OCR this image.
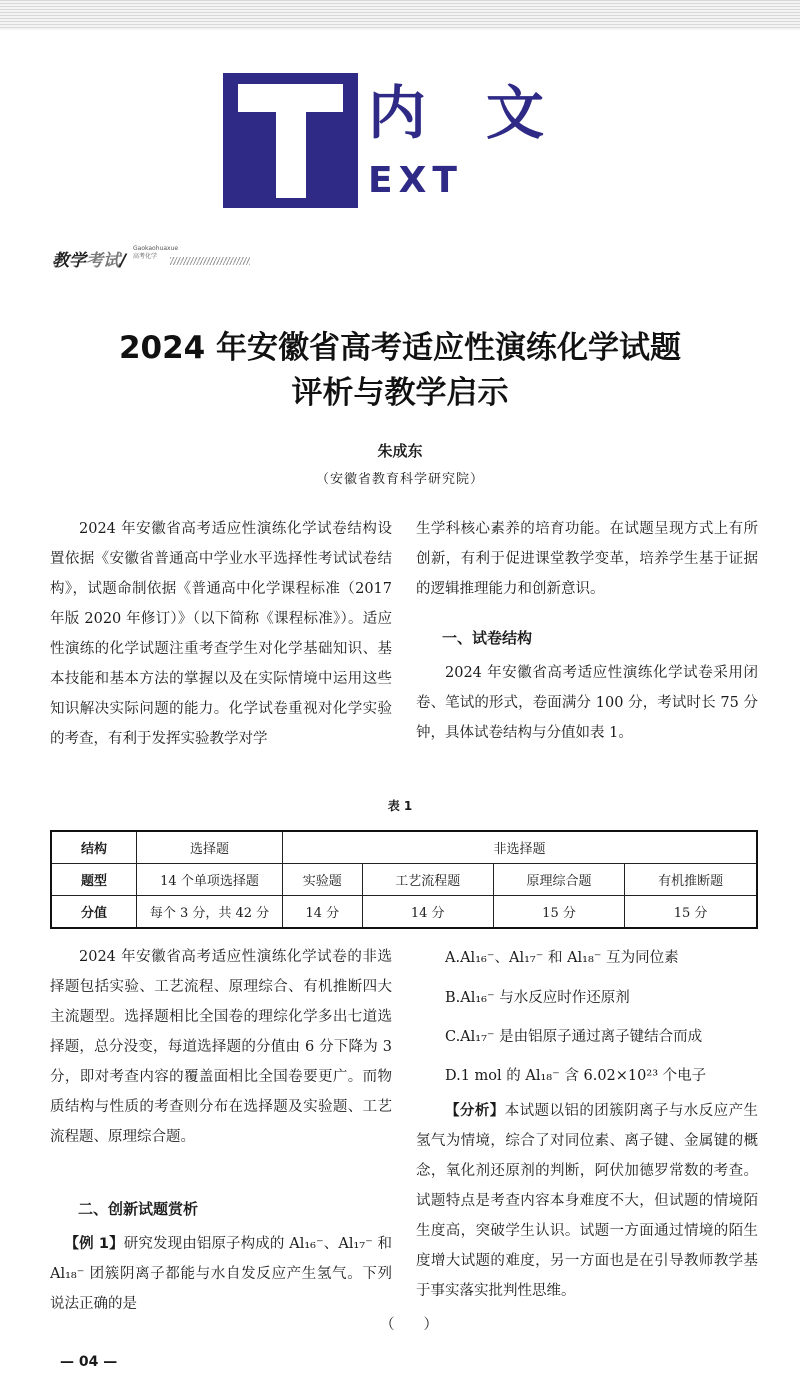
内 文
EXT
教学考试/
Gaokaohuaxue
高考化学
2024 年安徽省高考适应性演练化学试题
评析与教学启示
朱成东
（安徽省教育科学研究院）

2024 年安徽省高考适应性演练化学试卷结构设置依据《安徽省普通高中学业水平选择性考试试卷结构》，试题命制依据《普通高中化学课程标准（2017 年版 2020 年修订）》（以下简称《课程标准》）。适应性演练的化学试题注重考查学生对化学基础知识、基本技能和基本方法的掌握以及在实际情境中运用这些知识解决实际问题的能力。化学试卷重视对化学实验的考查，有利于发挥实验教学对学

生学科核心素养的培育功能。在试题呈现方式上有所创新，有利于促进课堂教学变革，培养学生基于证据的逻辑推理能力和创新意识。

一、试卷结构

2024 年安徽省高考适应性演练化学试卷采用闭卷、笔试的形式，卷面满分 100 分，考试时长 75 分钟，具体试卷结构与分值如表 1。

表 1
结构	选择题	非选择题			
题型	14 个单项选择题	实验题	工艺流程题	原理综合题	有机推断题
分值	每个 3 分，共 42 分	14 分	14 分	15 分	15 分

2024 年安徽省高考适应性演练化学试卷的非选择题包括实验、工艺流程、原理综合、有机推断四大主流题型。选择题相比全国卷的理综化学多出七道选择题，总分没变，每道选择题的分值由 6 分下降为 3 分，即对考查内容的覆盖面相比全国卷要更广。而物质结构与性质的考查则分布在选择题及实验题、工艺流程题、原理综合题。

二、创新试题赏析

【例 1】研究发现由铝原子构成的 Al₁₆⁻、Al₁₇⁻ 和 Al₁₈⁻ 团簇阴离子都能与水自发反应产生氢气。下列说法正确的是

（　　）
A.Al₁₆⁻、Al₁₇⁻ 和 Al₁₈⁻ 互为同位素
B.Al₁₆⁻ 与水反应时作还原剂
C.Al₁₇⁻ 是由铝原子通过离子键结合而成
D.1 mol 的 Al₁₈⁻ 含 6.02×10²³ 个电子

【分析】本试题以铝的团簇阴离子与水反应产生氢气为情境，综合了对同位素、离子键、金属键的概念，氧化剂还原剂的判断，阿伏加德罗常数的考查。试题特点是考查内容本身难度不大，但试题的情境陌生度高，突破学生认识。试题一方面通过情境的陌生度增大试题的难度，另一方面也是在引导教师教学基于事实落实批判性思维。

— 04 —
